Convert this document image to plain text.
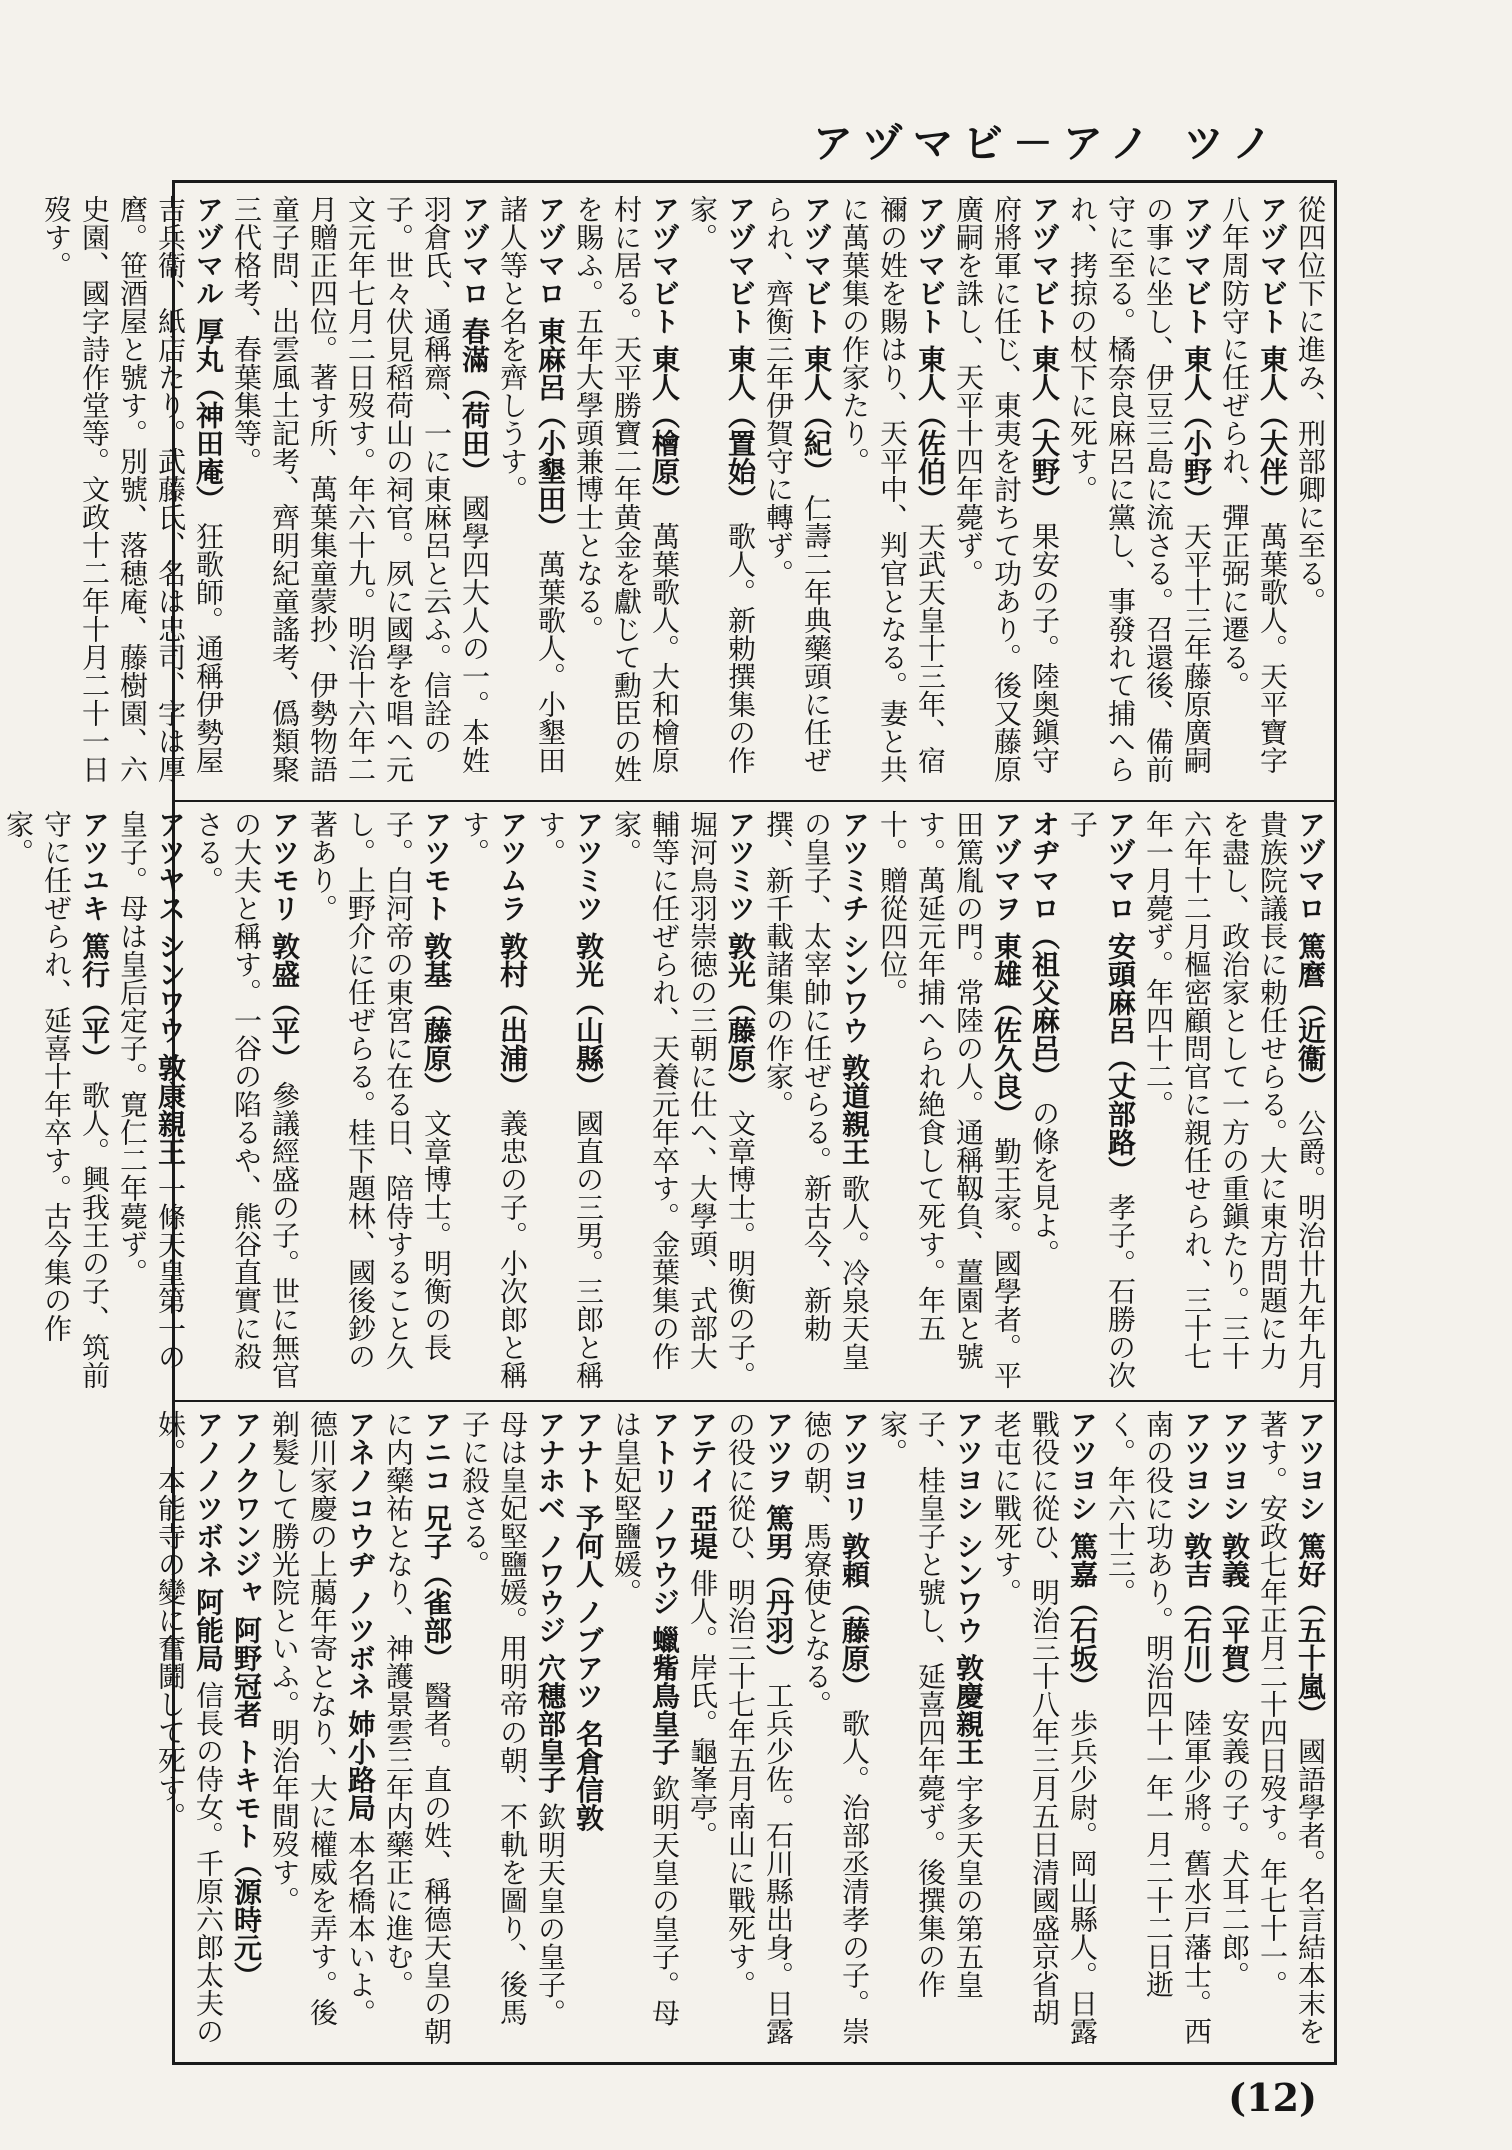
アヅマビ－アノ ツノ

從四位下に進み、刑部卿に至る。

アヅマビト 東人（大伴） 萬葉歌人。天平寶字八年周防守に任ぜられ、彈正弼に遷る。

アヅマビト 東人（小野） 天平十三年藤原廣嗣の事に坐し、伊豆三島に流さる。召還後、備前守に至る。橘奈良麻呂に黨し、事發れて捕へられ、拷掠の杖下に死す。

アヅマビト 東人（大野） 果安の子。陸奥鎭守府將軍に任じ、東夷を討ちて功あり。後又藤原廣嗣を誅し、天平十四年薨ず。

アヅマビト 東人（佐伯） 天武天皇十三年、宿禰の姓を賜はり、天平中、判官となる。妻と共に萬葉集の作家たり。

アヅマビト 東人（紀） 仁壽二年典藥頭に任ぜられ、齊衡三年伊賀守に轉ず。

アヅマビト 東人（置始） 歌人。新勅撰集の作家。

アヅマビト 東人（檜原） 萬葉歌人。大和檜原村に居る。天平勝寶二年黄金を獻じて勳臣の姓を賜ふ。五年大學頭兼博士となる。

アヅマロ 東麻呂（小墾田） 萬葉歌人。小墾田諸人等と名を齊しうす。

アヅマロ 春滿（荷田） 國學四大人の一。本姓羽倉氏、通稱齋、一に東麻呂と云ふ。信詮の子。世々伏見稻荷山の祠官。夙に國學を唱へ元文元年七月二日歿す。年六十九。明治十六年二月贈正四位。著す所、萬葉集童蒙抄、伊勢物語童子問、出雲風土記考、齊明紀童謠考、僞類聚三代格考、春葉集等。

アヅマル 厚丸（神田庵） 狂歌師。通稱伊勢屋吉兵衞、紙店たり。武藤氏、名は忠司、字は厚麿。笹酒屋と號す。別號、落穂庵、藤樹園、六史園、國字詩作堂等。文政十二年十月二十一日歿す。

アヅマロ 篤麿（近衞） 公爵。明治卄九年九月貴族院議長に勅任せらる。大に東方問題に力を盡し、政治家として一方の重鎭たり。三十六年十二月樞密顧問官に親任せられ、三十七年一月薨ず。年四十二。

アヅマロ 安頭麻呂（丈部路） 孝子。石勝の次子

オヂマロ（祖父麻呂） の條を見よ。

アヅマヲ 東雄（佐久良） 勤王家。國學者。平田篤胤の門。常陸の人。通稱靱負、薑園と號す。萬延元年捕へられ絶食して死す。年五十。贈從四位。

アツミチ シンワウ 敦道親王 歌人。冷泉天皇の皇子、太宰帥に任ぜらる。新古今、新勅撰、新千載諸集の作家。

アツミツ 敦光（藤原） 文章博士。明衡の子。堀河鳥羽崇徳の三朝に仕へ、大學頭、式部大輔等に任ぜられ、天養元年卒す。金葉集の作家。

アツミツ 敦光（山縣） 國直の三男。三郎と稱す。

アツムラ 敦村（出浦） 義忠の子。小次郎と稱す。

アツモト 敦基（藤原） 文章博士。明衡の長子。白河帝の東宮に在る日、陪侍すること久し。上野介に任ぜらる。桂下題林、國後鈔の著あり。

アツモリ 敦盛（平） 參議經盛の子。世に無官の大夫と稱す。一谷の陷るや、熊谷直實に殺さる。

アツヤス シンワウ 敦康親王 一條天皇第一の皇子。母は皇后定子。寛仁二年薨ず。

アツユキ 篤行（平） 歌人。興我王の子、筑前守に任ぜられ、延喜十年卒す。古今集の作家。

アツヨシ 篤好（五十嵐） 國語學者。名言結本末を著す。安政七年正月二十四日歿す。年七十一。

アツヨシ 敦義（平賀） 安義の子。犬耳二郎。

アツヨシ 敦吉（石川） 陸軍少將。舊水戸藩士。西南の役に功あり。明治四十一年一月二十二日逝く。年六十三。

アツヨシ 篤嘉（石坂） 歩兵少尉。岡山縣人。日露戰役に從ひ、明治三十八年三月五日清國盛京省胡老屯に戰死す。

アツヨシ シンワウ 敦慶親王 宇多天皇の第五皇子、桂皇子と號し、延喜四年薨ず。後撰集の作家。

アツヨリ 敦頼（藤原） 歌人。治部丞清孝の子。崇徳の朝、馬寮使となる。

アツヲ 篤男（丹羽） 工兵少佐。石川縣出身。日露の役に從ひ、明治三十七年五月南山に戰死す。

アテイ 亞堤 俳人。岸氏。龜峯亭。

アトリ ノワウジ 蠟觜鳥皇子 欽明天皇の皇子。母は皇妃堅鹽媛。

アナト 予何人 ノブアツ 名倉信敦

アナホベ ノワウジ 穴穗部皇子 欽明天皇の皇子。母は皇妃堅鹽媛。用明帝の朝、不軌を圖り、後馬子に殺さる。

アニコ 兄子（雀部） 醫者。直の姓、稱德天皇の朝に内藥祐となり、神護景雲三年内藥正に進む。

アネノコウヂ ノツボネ 姉小路局 本名橋本いよ。德川家慶の上﨟年寄となり、大に權威を弄す。後剃髮して勝光院といふ。明治年間歿す。

アノクワンジャ 阿野冠者 トキモト（源時元）

アノノツボネ 阿能局 信長の侍女。千原六郎太夫の妹。本能寺の變に奮鬪して死す。

(12)
